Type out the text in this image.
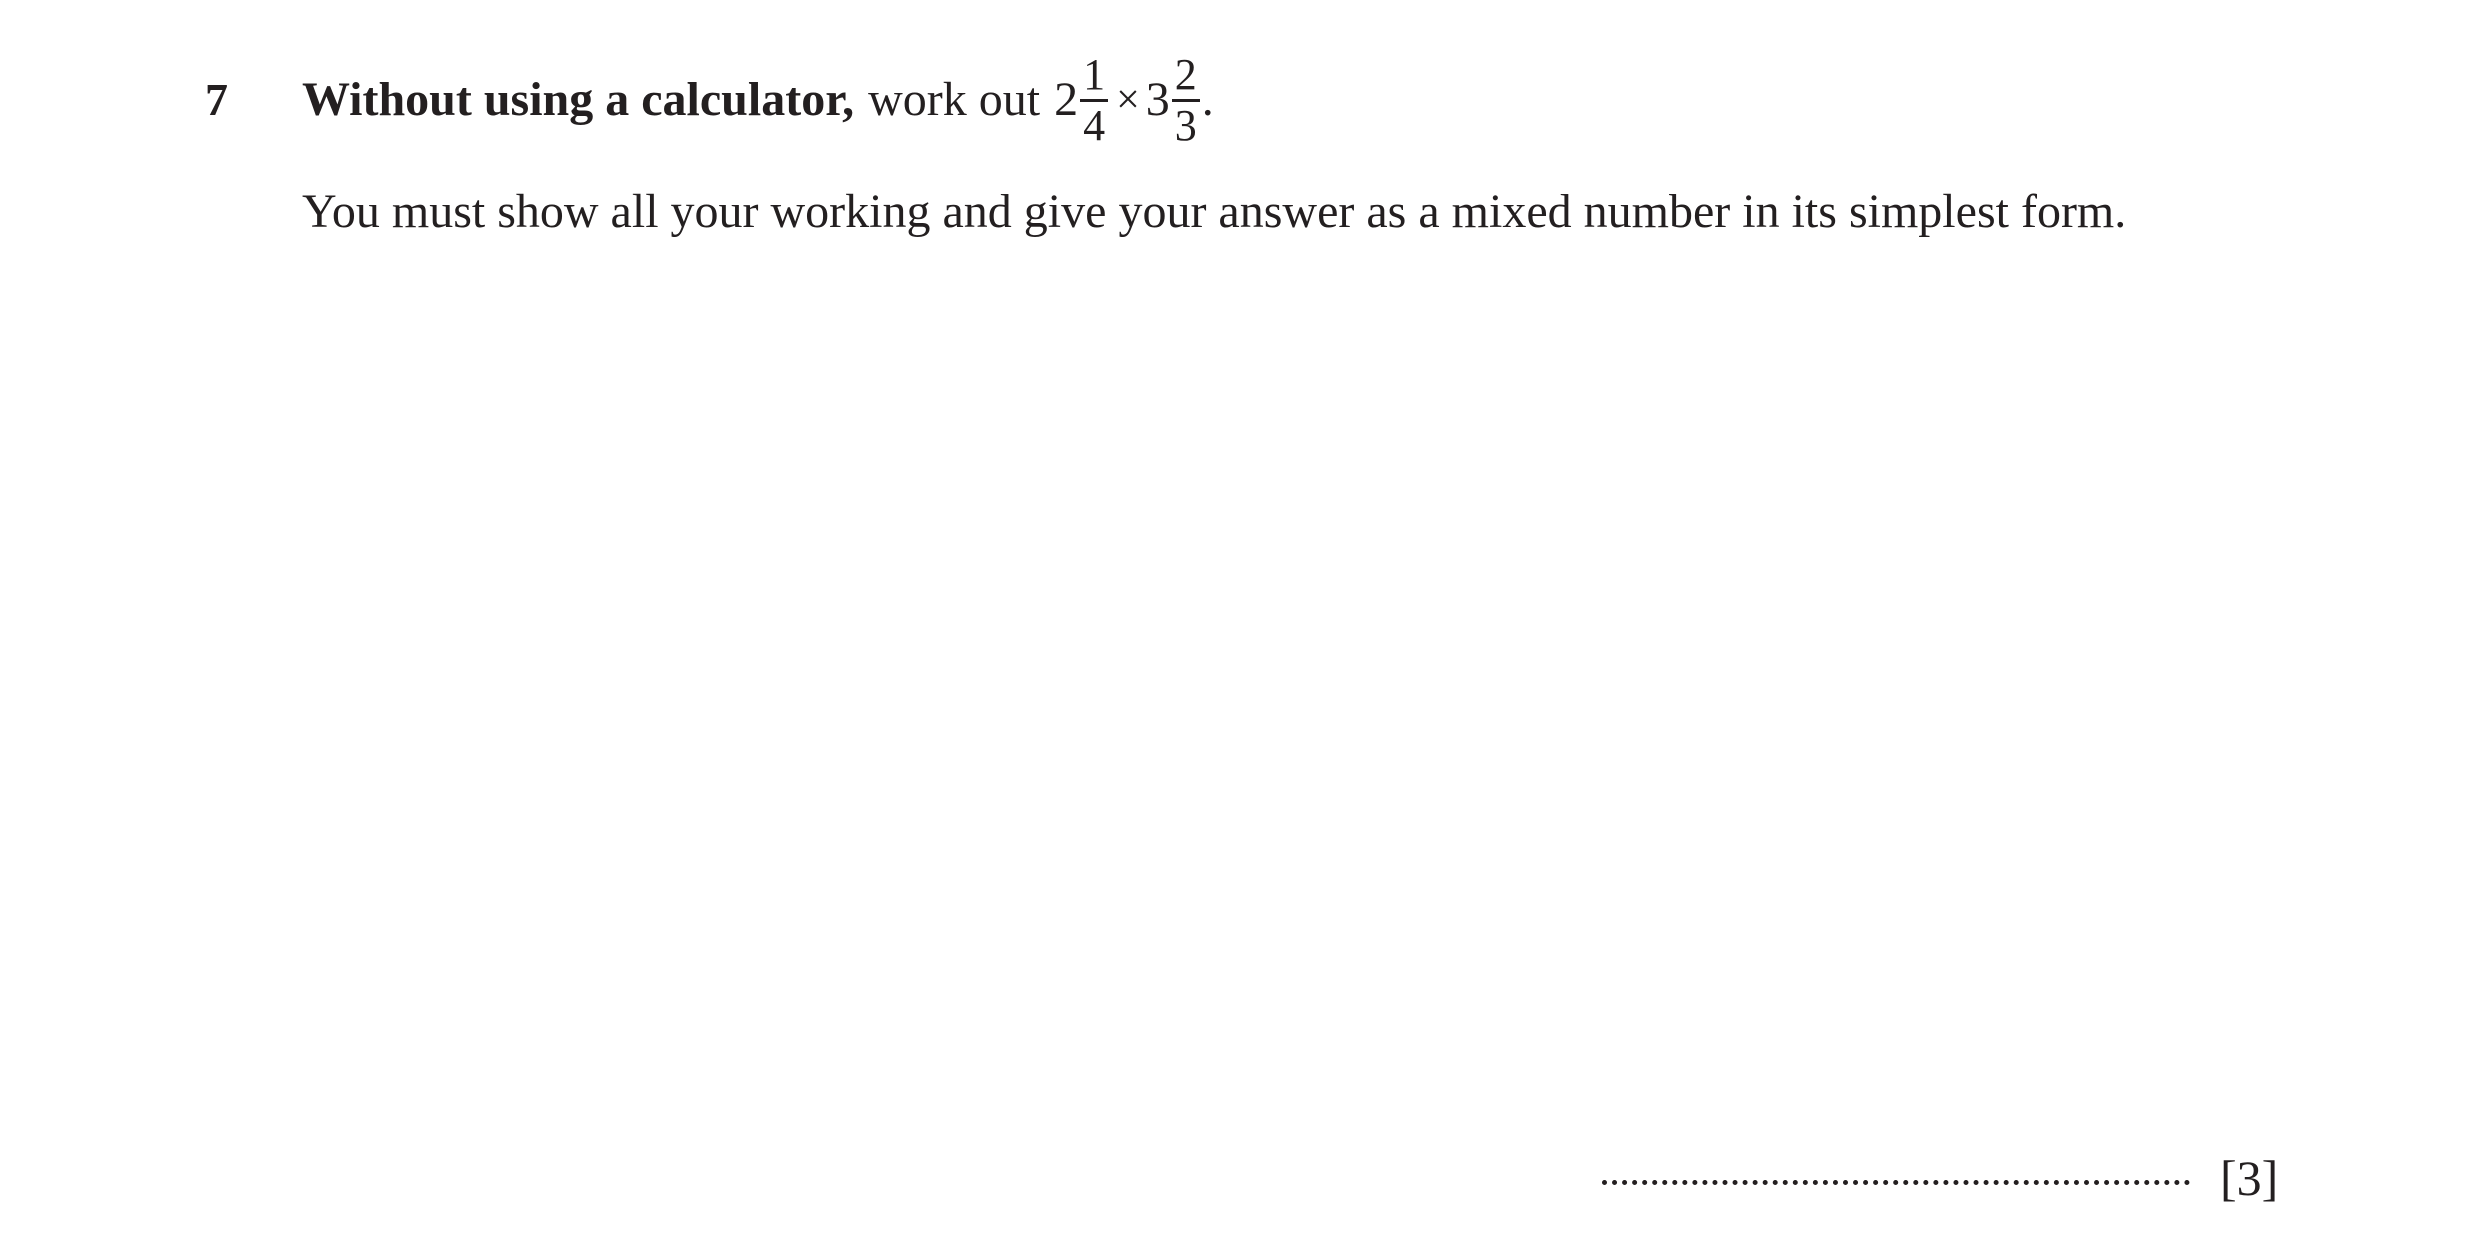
7 Without using a calculator, work out $2 \frac{1}{4} \times 3 \frac{2}{3}$ .
You must show all your working and give your answer as a mixed number in its simplest form.
[3]
